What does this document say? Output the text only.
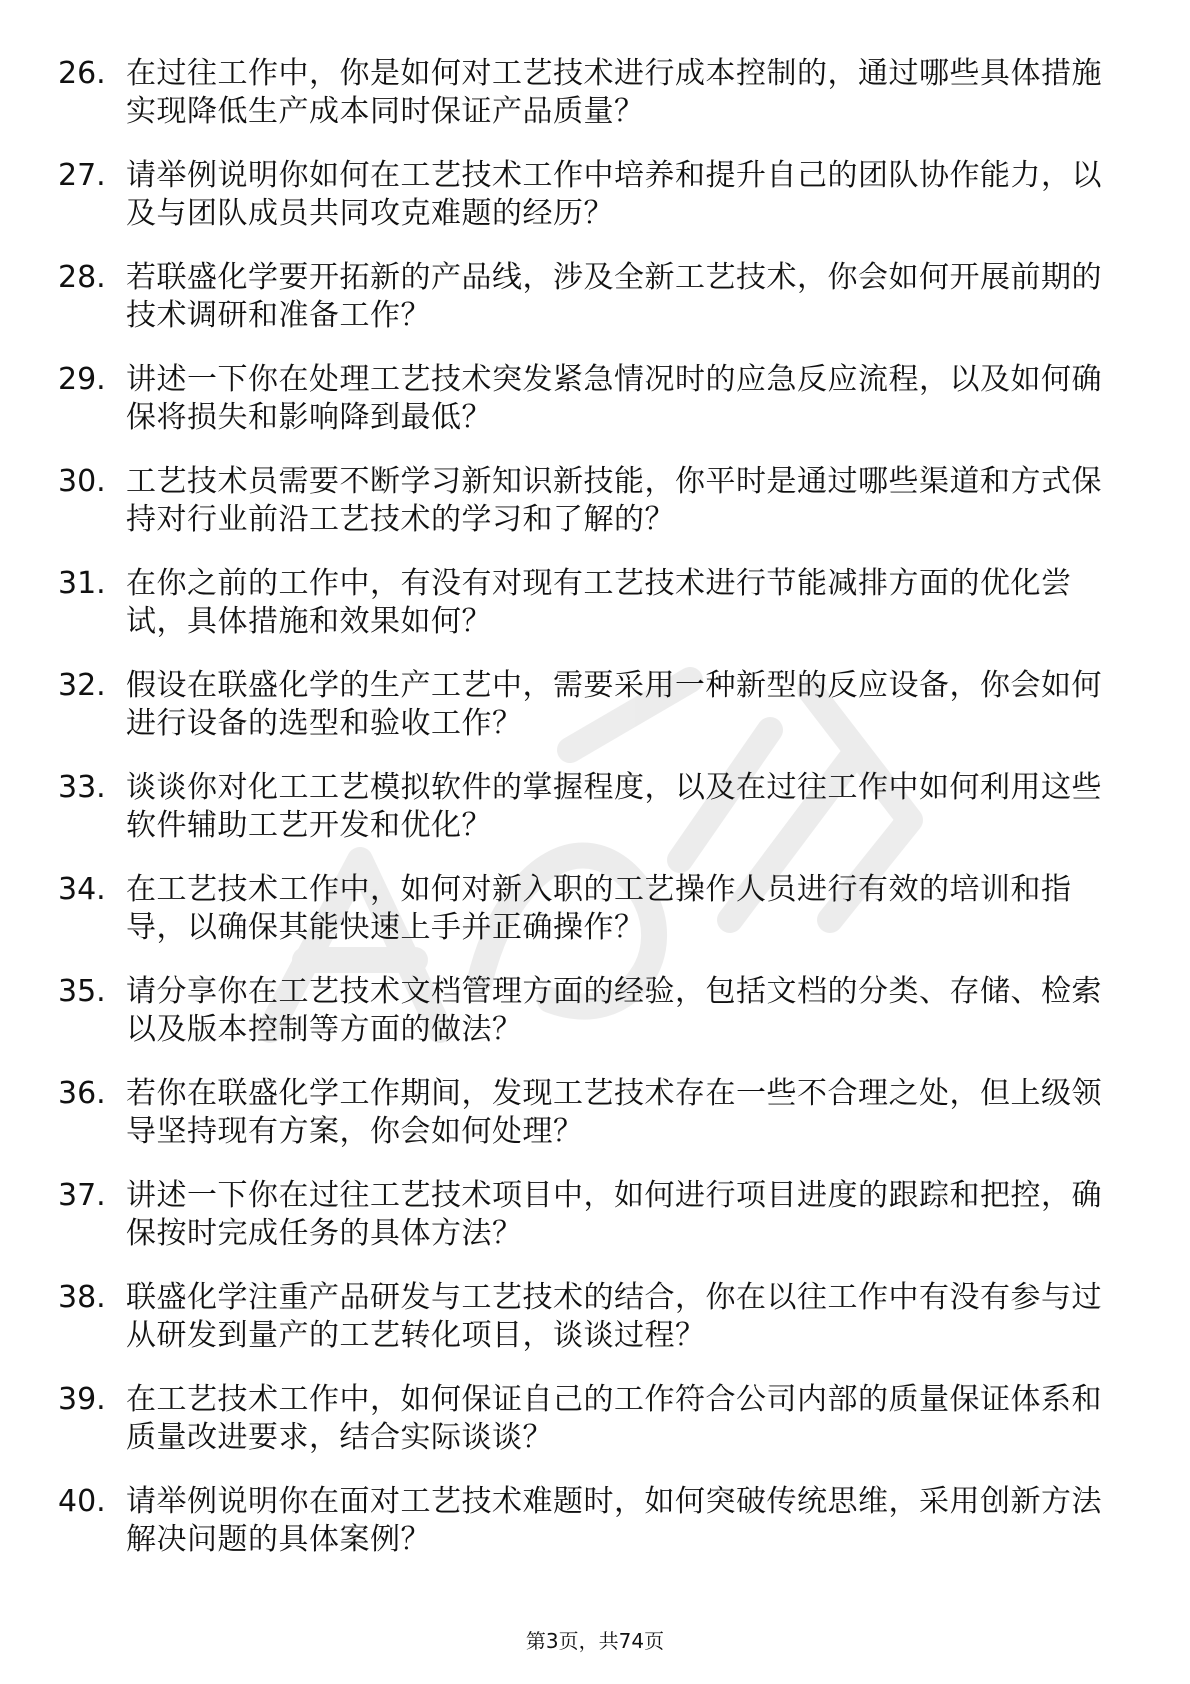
26. 在过往工作中，你是如何对工艺技术进行成本控制的，通过哪些具体措施实现降低生产成本同时保证产品质量？
27. 请举例说明你如何在工艺技术工作中培养和提升自己的团队协作能力，以及与团队成员共同攻克难题的经历？
28. 若联盛化学要开拓新的产品线，涉及全新工艺技术，你会如何开展前期的技术调研和准备工作？
29. 讲述一下你在处理工艺技术突发紧急情况时的应急反应流程，以及如何确保将损失和影响降到最低？
30. 工艺技术员需要不断学习新知识新技能，你平时是通过哪些渠道和方式保持对行业前沿工艺技术的学习和了解的？
31. 在你之前的工作中，有没有对现有工艺技术进行节能减排方面的优化尝试，具体措施和效果如何？
32. 假设在联盛化学的生产工艺中，需要采用一种新型的反应设备，你会如何进行设备的选型和验收工作？
33. 谈谈你对化工工艺模拟软件的掌握程度，以及在过往工作中如何利用这些软件辅助工艺开发和优化？
34. 在工艺技术工作中，如何对新入职的工艺操作人员进行有效的培训和指导，以确保其能快速上手并正确操作？
35. 请分享你在工艺技术文档管理方面的经验，包括文档的分类、存储、检索以及版本控制等方面的做法？
36. 若你在联盛化学工作期间，发现工艺技术存在一些不合理之处，但上级领导坚持现有方案，你会如何处理？
37. 讲述一下你在过往工艺技术项目中，如何进行项目进度的跟踪和把控，确保按时完成任务的具体方法？
38. 联盛化学注重产品研发与工艺技术的结合，你在以往工作中有没有参与过从研发到量产的工艺转化项目，谈谈过程？
39. 在工艺技术工作中，如何保证自己的工作符合公司内部的质量保证体系和质量改进要求，结合实际谈谈？
40. 请举例说明你在面对工艺技术难题时，如何突破传统思维，采用创新方法解决问题的具体案例？
第3页，共74页
